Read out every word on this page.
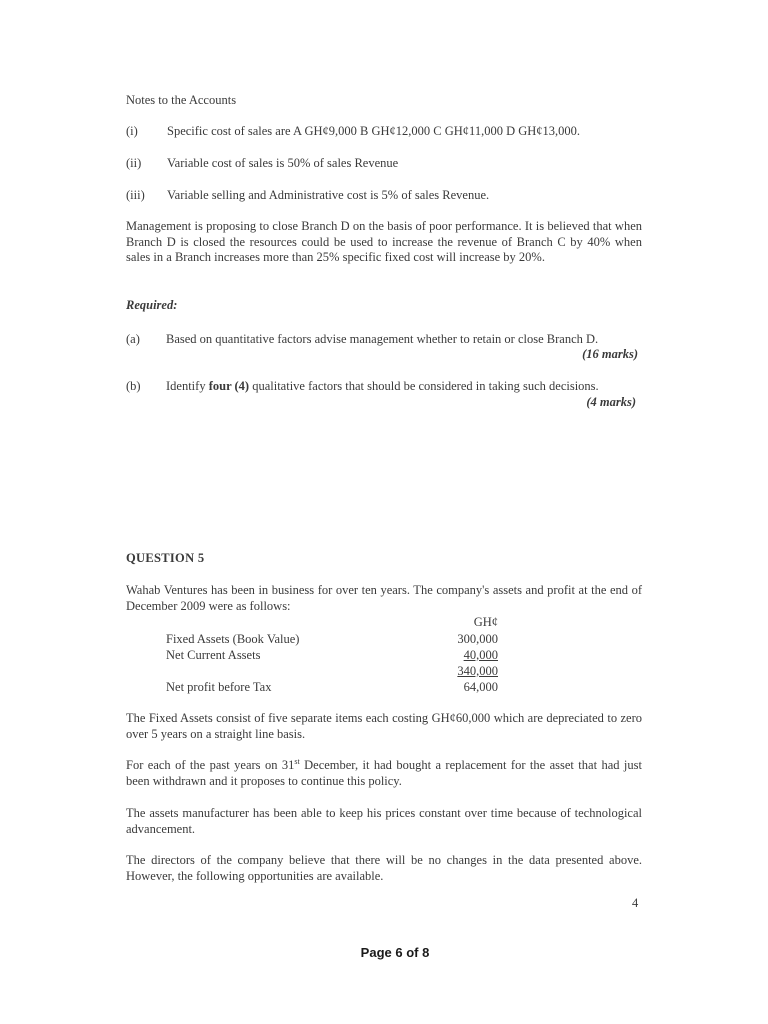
Notes to the Accounts
(i) Specific cost of sales are A GH¢9,000 B GH¢12,000 C GH¢11,000 D GH¢13,000.
(ii) Variable cost of sales is 50% of sales Revenue
(iii) Variable selling and Administrative cost is 5% of sales Revenue.
Management is proposing to close Branch D on the basis of poor performance. It is believed that when Branch D is closed the resources could be used to increase the revenue of Branch C by 40% when sales in a Branch increases more than 25% specific fixed cost will increase by 20%.
Required:
(a) Based on quantitative factors advise management whether to retain or close Branch D.
(16 marks)
(b) Identify four (4) qualitative factors that should be considered in taking such decisions.
(4 marks)
QUESTION 5
Wahab Ventures has been in business for over ten years. The company's assets and profit at the end of December 2009 were as follows:
GH¢
Fixed Assets (Book Value)	300,000
Net Current Assets	40,000
340,000
Net profit before Tax	64,000
The Fixed Assets consist of five separate items each costing GH¢60,000 which are depreciated to zero over 5 years on a straight line basis.
For each of the past years on 31st December, it had bought a replacement for the asset that had just been withdrawn and it proposes to continue this policy.
The assets manufacturer has been able to keep his prices constant over time because of technological advancement.
The directors of the company believe that there will be no changes in the data presented above. However, the following opportunities are available.
4
Page 6 of 8
